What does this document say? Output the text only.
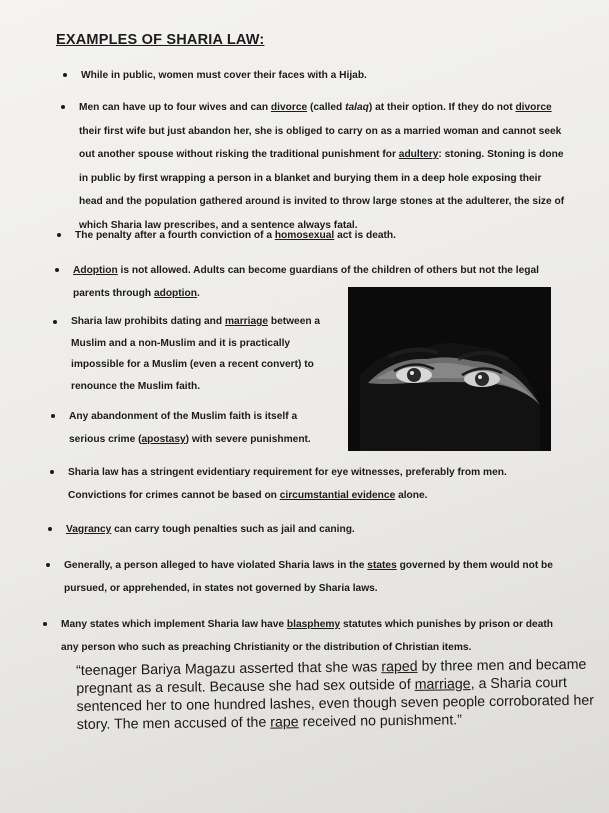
EXAMPLES OF SHARIA LAW:
While in public, women must cover their faces with a Hijab.
Men can have up to four wives and can divorce (called talaq) at their option. If they do not divorce their first wife but just abandon her, she is obliged to carry on as a married woman and cannot seek out another spouse without risking the traditional punishment for adultery: stoning. Stoning is done in public by first wrapping a person in a blanket and burying them in a deep hole exposing their head and the population gathered around is invited to throw large stones at the adulterer, the size of which Sharia law prescribes, and a sentence always fatal.
The penalty after a fourth conviction of a homosexual act is death.
Adoption is not allowed. Adults can become guardians of the children of others but not the legal parents through adoption.
Sharia law prohibits dating and marriage between a Muslim and a non-Muslim and it is practically impossible for a Muslim (even a recent convert) to renounce the Muslim faith.
Any abandonment of the Muslim faith is itself a serious crime (apostasy) with severe punishment.
Sharia law has a stringent evidentiary requirement for eye witnesses, preferably from men. Convictions for crimes cannot be based on circumstantial evidence alone.
Vagrancy can carry tough penalties such as jail and caning.
Generally, a person alleged to have violated Sharia laws in the states governed by them would not be pursued, or apprehended, in states not governed by Sharia laws.
Many states which implement Sharia law have blasphemy statutes which punishes by prison or death any person who such as preaching Christianity or the distribution of Christian items.
“teenager Bariya Magazu asserted that she was raped by three men and became pregnant as a result. Because she had sex outside of marriage, a Sharia court sentenced her to one hundred lashes, even though seven people corroborated her story. The men accused of the rape received no punishment.”
